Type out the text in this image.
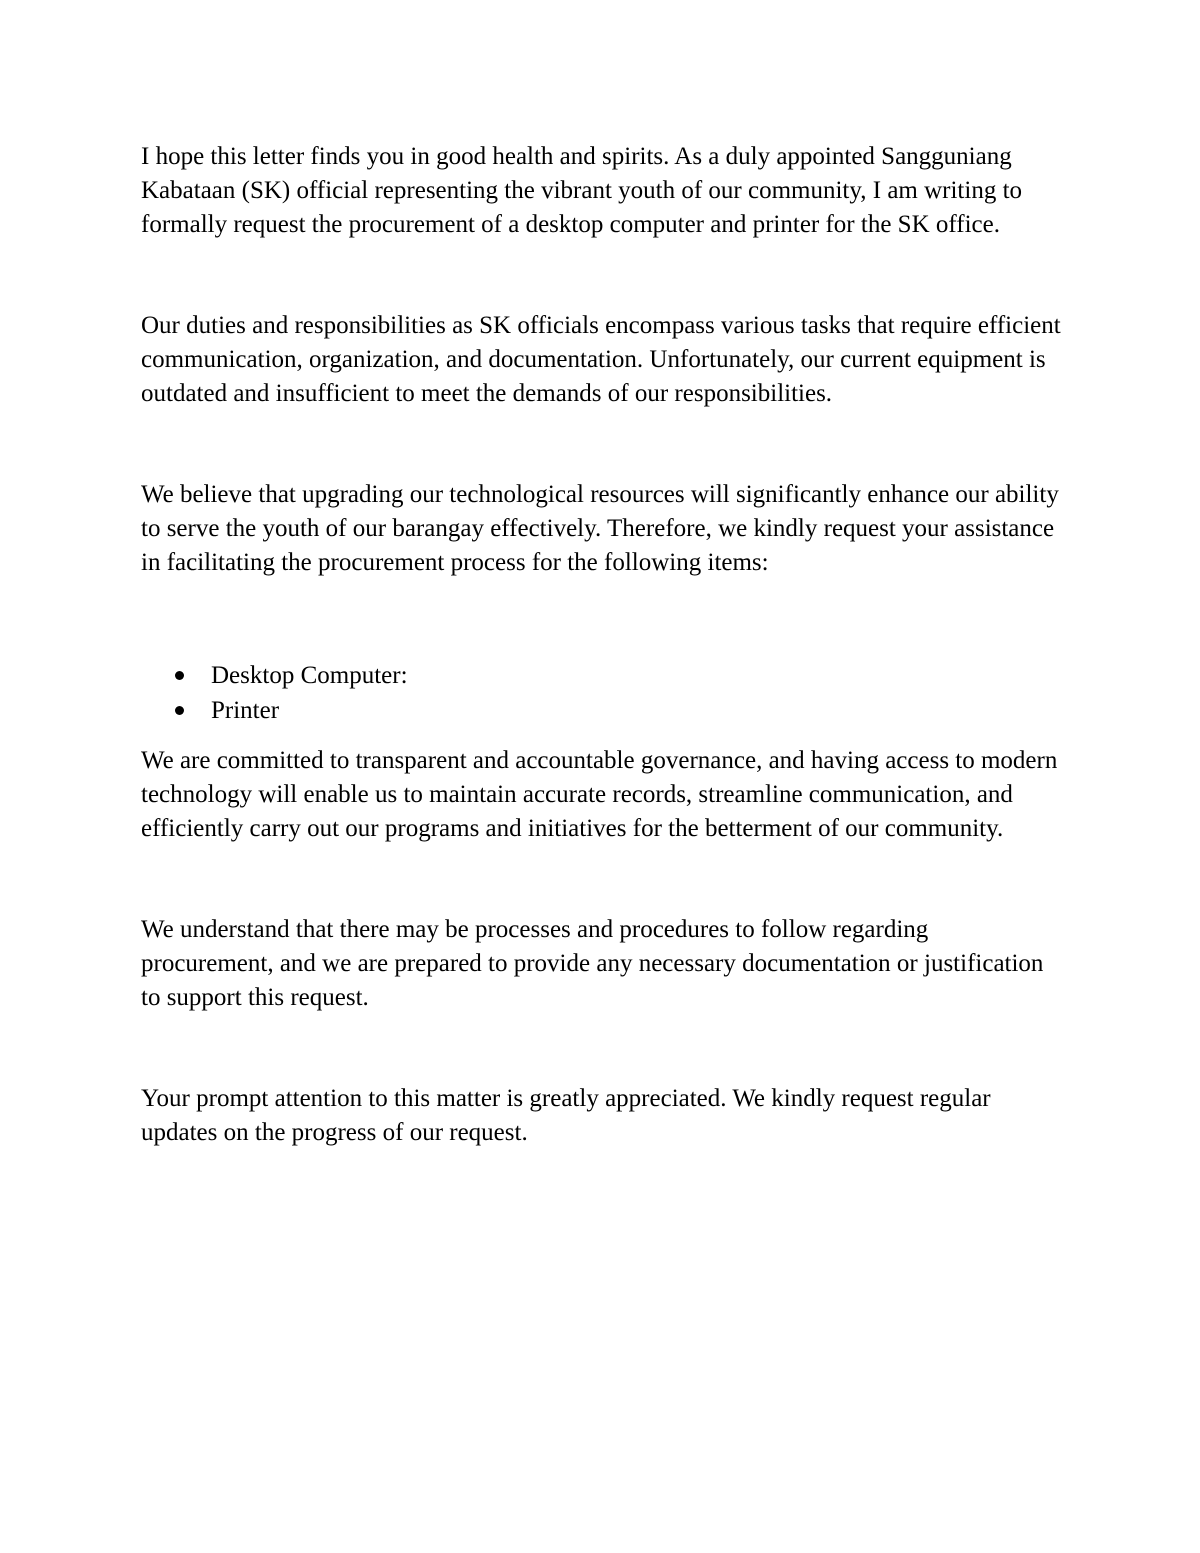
I hope this letter finds you in good health and spirits. As a duly appointed Sangguniang Kabataan (SK) official representing the vibrant youth of our community, I am writing to formally request the procurement of a desktop computer and printer for the SK office.

Our duties and responsibilities as SK officials encompass various tasks that require efficient communication, organization, and documentation. Unfortunately, our current equipment is outdated and insufficient to meet the demands of our responsibilities.

We believe that upgrading our technological resources will significantly enhance our ability to serve the youth of our barangay effectively. Therefore, we kindly request your assistance in facilitating the procurement process for the following items:

Desktop Computer:
Printer

We are committed to transparent and accountable governance, and having access to modern technology will enable us to maintain accurate records, streamline communication, and efficiently carry out our programs and initiatives for the betterment of our community.

We understand that there may be processes and procedures to follow regarding procurement, and we are prepared to provide any necessary documentation or justification to support this request.

Your prompt attention to this matter is greatly appreciated. We kindly request regular updates on the progress of our request.
